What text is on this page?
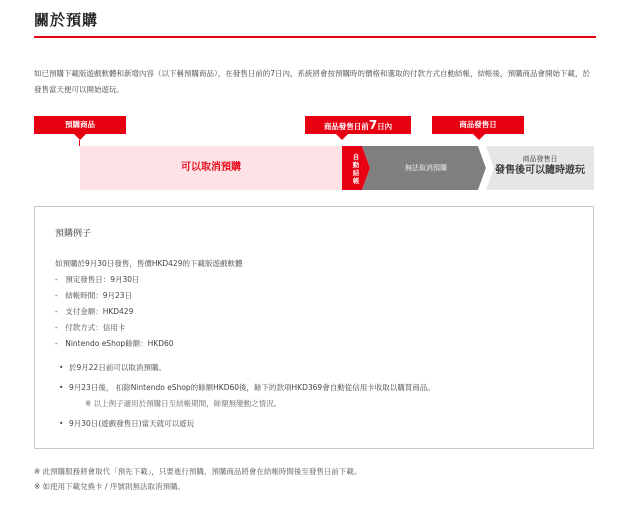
關於預購
如已預購下載版遊戲軟體和新增內容（以下稱預購商品），在發售日前的7日內，系統將會按預購時的價格和選取的付款方式自動結帳，結帳後，預購商品會開始下載，於發售當天便可以開始遊玩。
預購商品	商品發售日前7日內	商品發售日
可以取消預購
自
動
結
帳
無法取消預購
商品發售日
發售後可以隨時遊玩
預購例子
如預購於9月30日發售，售價HKD429的下載版遊戲軟體
-　預定發售日：9月30日
-　結帳時間：9月23日
-　支付金額：HKD429
-　付款方式：信用卡
-　Nintendo eShop餘額：HKD60
• 於9月22日前可以取消預購。
• 9月23日後， 扣除Nintendo eShop的餘額HKD60後，餘下的款項HKD369會自動從信用卡收取以購買商品。
※ 以上例子適用於預購日至結帳期間，餘額無變動之情況。
• 9月30日(遊戲發售日)當天就可以遊玩
※ 此預購服務將會取代「預先下載」，只要進行預購，預購商品將會在結帳時間後至發售日前下載。
※ 如使用下載兌換卡 / 序號則無法取消預購。
